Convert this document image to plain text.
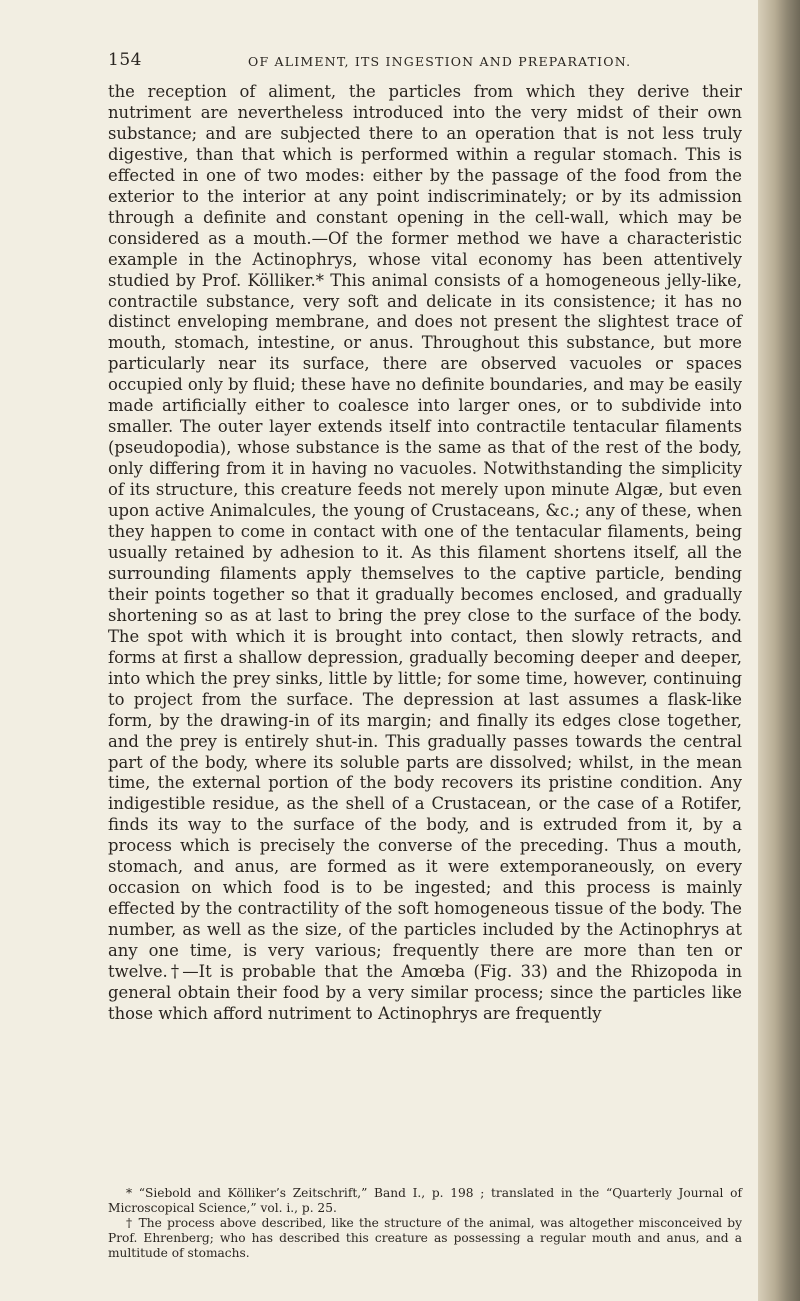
154	OF ALIMENT, ITS INGESTION AND PREPARATION.

the reception of aliment, the particles from which they derive their nutriment are nevertheless introduced into the very midst of their own substance; and are subjected there to an operation that is not less truly digestive, than that which is performed within a regular stomach. This is effected in one of two modes: either by the passage of the food from the exterior to the interior at any point indiscriminately; or by its admission through a definite and constant opening in the cell-wall, which may be considered as a mouth.—Of the former method we have a characteristic example in the Actinophrys, whose vital economy has been attentively studied by Prof. Kölliker.* This animal consists of a homogeneous jelly-like, contractile substance, very soft and delicate in its consistence; it has no distinct enveloping membrane, and does not present the slightest trace of mouth, stomach, intestine, or anus. Throughout this substance, but more particularly near its surface, there are observed vacuoles or spaces occupied only by fluid; these have no definite boundaries, and may be easily made artificially either to coalesce into larger ones, or to subdivide into smaller. The outer layer extends itself into contractile tentacular filaments (pseudopodia), whose substance is the same as that of the rest of the body, only differing from it in having no vacuoles. Notwithstanding the simplicity of its structure, this creature feeds not merely upon minute Algæ, but even upon active Animalcules, the young of Crustaceans, &c.; any of these, when they happen to come in contact with one of the tentacular filaments, being usually retained by adhesion to it. As this filament shortens itself, all the surrounding filaments apply themselves to the captive particle, bending their points together so that it gradually becomes enclosed, and gradually shortening so as at last to bring the prey close to the surface of the body. The spot with which it is brought into contact, then slowly retracts, and forms at first a shallow depression, gradually becoming deeper and deeper, into which the prey sinks, little by little; for some time, however, continuing to project from the surface. The depression at last assumes a flask-like form, by the drawing-in of its margin; and finally its edges close together, and the prey is entirely shut-in. This gradually passes towards the central part of the body, where its soluble parts are dissolved; whilst, in the mean time, the external portion of the body recovers its pristine condition. Any indigestible residue, as the shell of a Crustacean, or the case of a Rotifer, finds its way to the surface of the body, and is extruded from it, by a process which is precisely the converse of the preceding. Thus a mouth, stomach, and anus, are formed as it were extemporaneously, on every occasion on which food is to be ingested; and this process is mainly effected by the contractility of the soft homogeneous tissue of the body. The number, as well as the size, of the particles included by the Actinophrys at any one time, is very various; frequently there are more than ten or twelve.†—It is probable that the Amœba (Fig. 33) and the Rhizopoda in general obtain their food by a very similar process; since the particles like those which afford nutriment to Actinophrys are frequently

* “Siebold and Kölliker’s Zeitschrift,” Band I., p. 198 ; translated in the “Quarterly Journal of Microscopical Science,” vol. i., p. 25.

† The process above described, like the structure of the animal, was altogether misconceived by Prof. Ehrenberg; who has described this creature as possessing a regular mouth and anus, and a multitude of stomachs.
